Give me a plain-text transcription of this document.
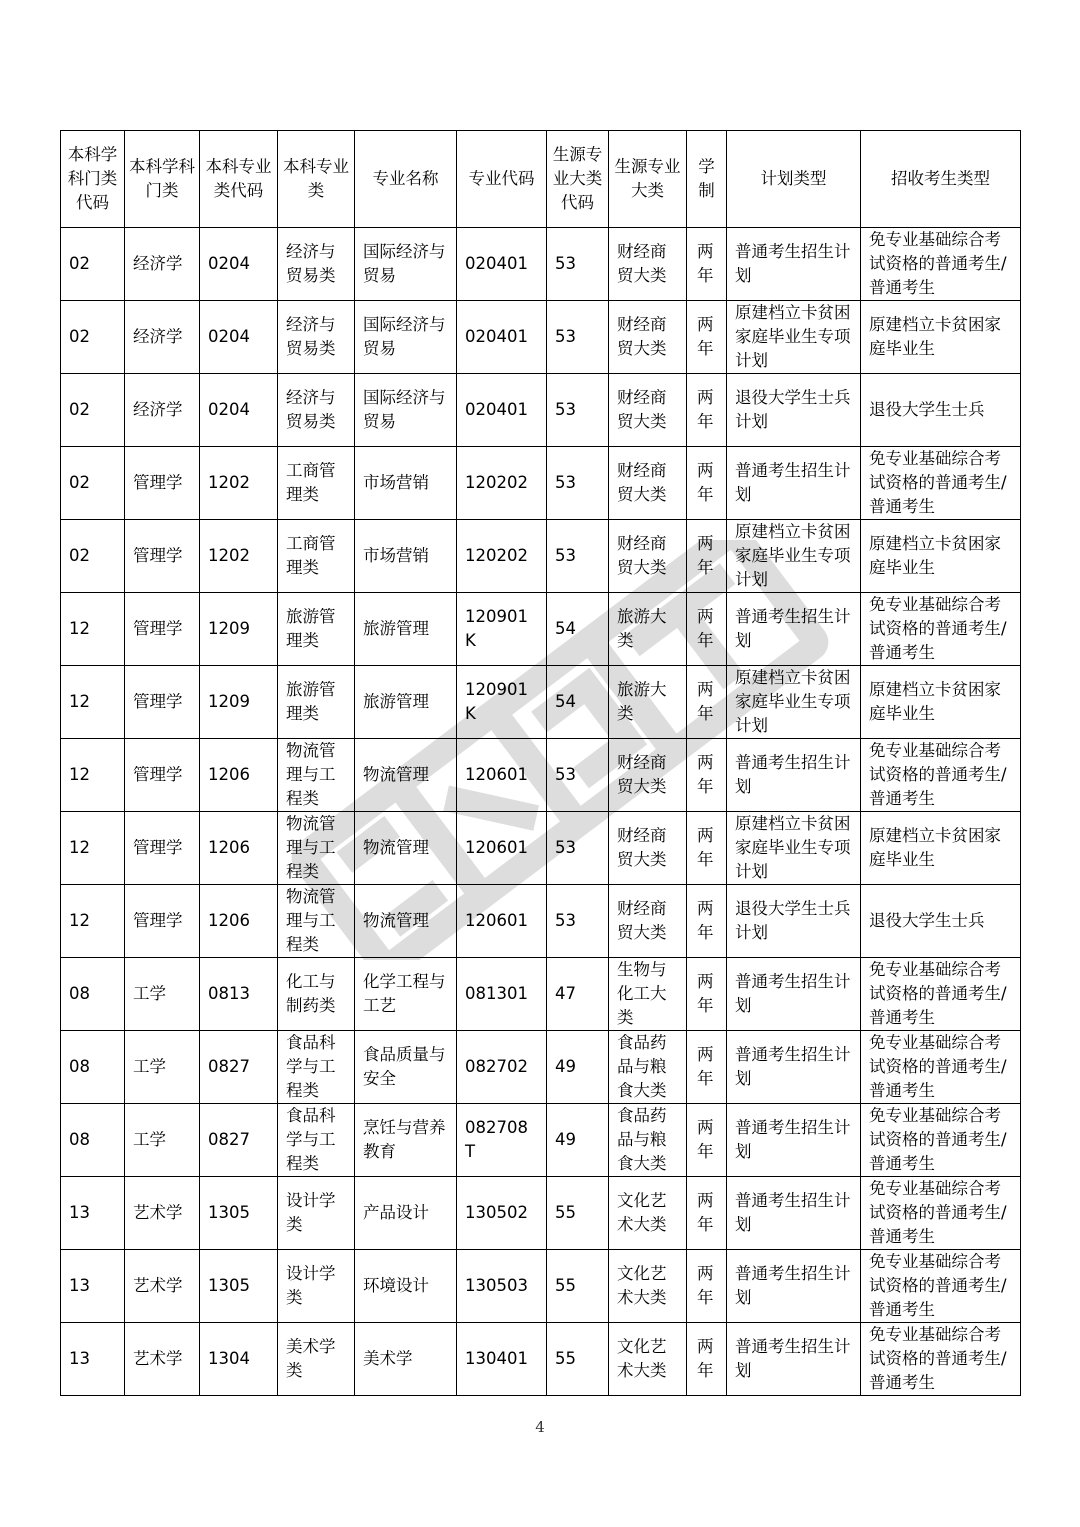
本科学科门类代码	本科学科门类	本科专业类代码	本科专业类	专业名称	专业代码	生源专业大类代码	生源专业大类	学制	计划类型	招收考生类型
02	经济学	0204	经济与贸易类	国际经济与贸易	020401	53	财经商贸大类	两年	普通考生招生计划	免专业基础综合考试资格的普通考生/普通考生
02	经济学	0204	经济与贸易类	国际经济与贸易	020401	53	财经商贸大类	两年	原建档立卡贫困家庭毕业生专项计划	原建档立卡贫困家庭毕业生
02	经济学	0204	经济与贸易类	国际经济与贸易	020401	53	财经商贸大类	两年	退役大学生士兵计划	退役大学生士兵
02	管理学	1202	工商管理类	市场营销	120202	53	财经商贸大类	两年	普通考生招生计划	免专业基础综合考试资格的普通考生/普通考生
02	管理学	1202	工商管理类	市场营销	120202	53	财经商贸大类	两年	原建档立卡贫困家庭毕业生专项计划	原建档立卡贫困家庭毕业生
12	管理学	1209	旅游管理类	旅游管理	120901K	54	旅游大类	两年	普通考生招生计划	免专业基础综合考试资格的普通考生/普通考生
12	管理学	1209	旅游管理类	旅游管理	120901K	54	旅游大类	两年	原建档立卡贫困家庭毕业生专项计划	原建档立卡贫困家庭毕业生
12	管理学	1206	物流管理与工程类	物流管理	120601	53	财经商贸大类	两年	普通考生招生计划	免专业基础综合考试资格的普通考生/普通考生
12	管理学	1206	物流管理与工程类	物流管理	120601	53	财经商贸大类	两年	原建档立卡贫困家庭毕业生专项计划	原建档立卡贫困家庭毕业生
12	管理学	1206	物流管理与工程类	物流管理	120601	53	财经商贸大类	两年	退役大学生士兵计划	退役大学生士兵
08	工学	0813	化工与制药类	化学工程与工艺	081301	47	生物与化工大类	两年	普通考生招生计划	免专业基础综合考试资格的普通考生/普通考生
08	工学	0827	食品科学与工程类	食品质量与安全	082702	49	食品药品与粮食大类	两年	普通考生招生计划	免专业基础综合考试资格的普通考生/普通考生
08	工学	0827	食品科学与工程类	烹饪与营养教育	082708T	49	食品药品与粮食大类	两年	普通考生招生计划	免专业基础综合考试资格的普通考生/普通考生
13	艺术学	1305	设计学类	产品设计	130502	55	文化艺术大类	两年	普通考生招生计划	免专业基础综合考试资格的普通考生/普通考生
13	艺术学	1305	设计学类	环境设计	130503	55	文化艺术大类	两年	普通考生招生计划	免专业基础综合考试资格的普通考生/普通考生
13	艺术学	1304	美术学类	美术学	130401	55	文化艺术大类	两年	普通考生招生计划	免专业基础综合考试资格的普通考生/普通考生
4
